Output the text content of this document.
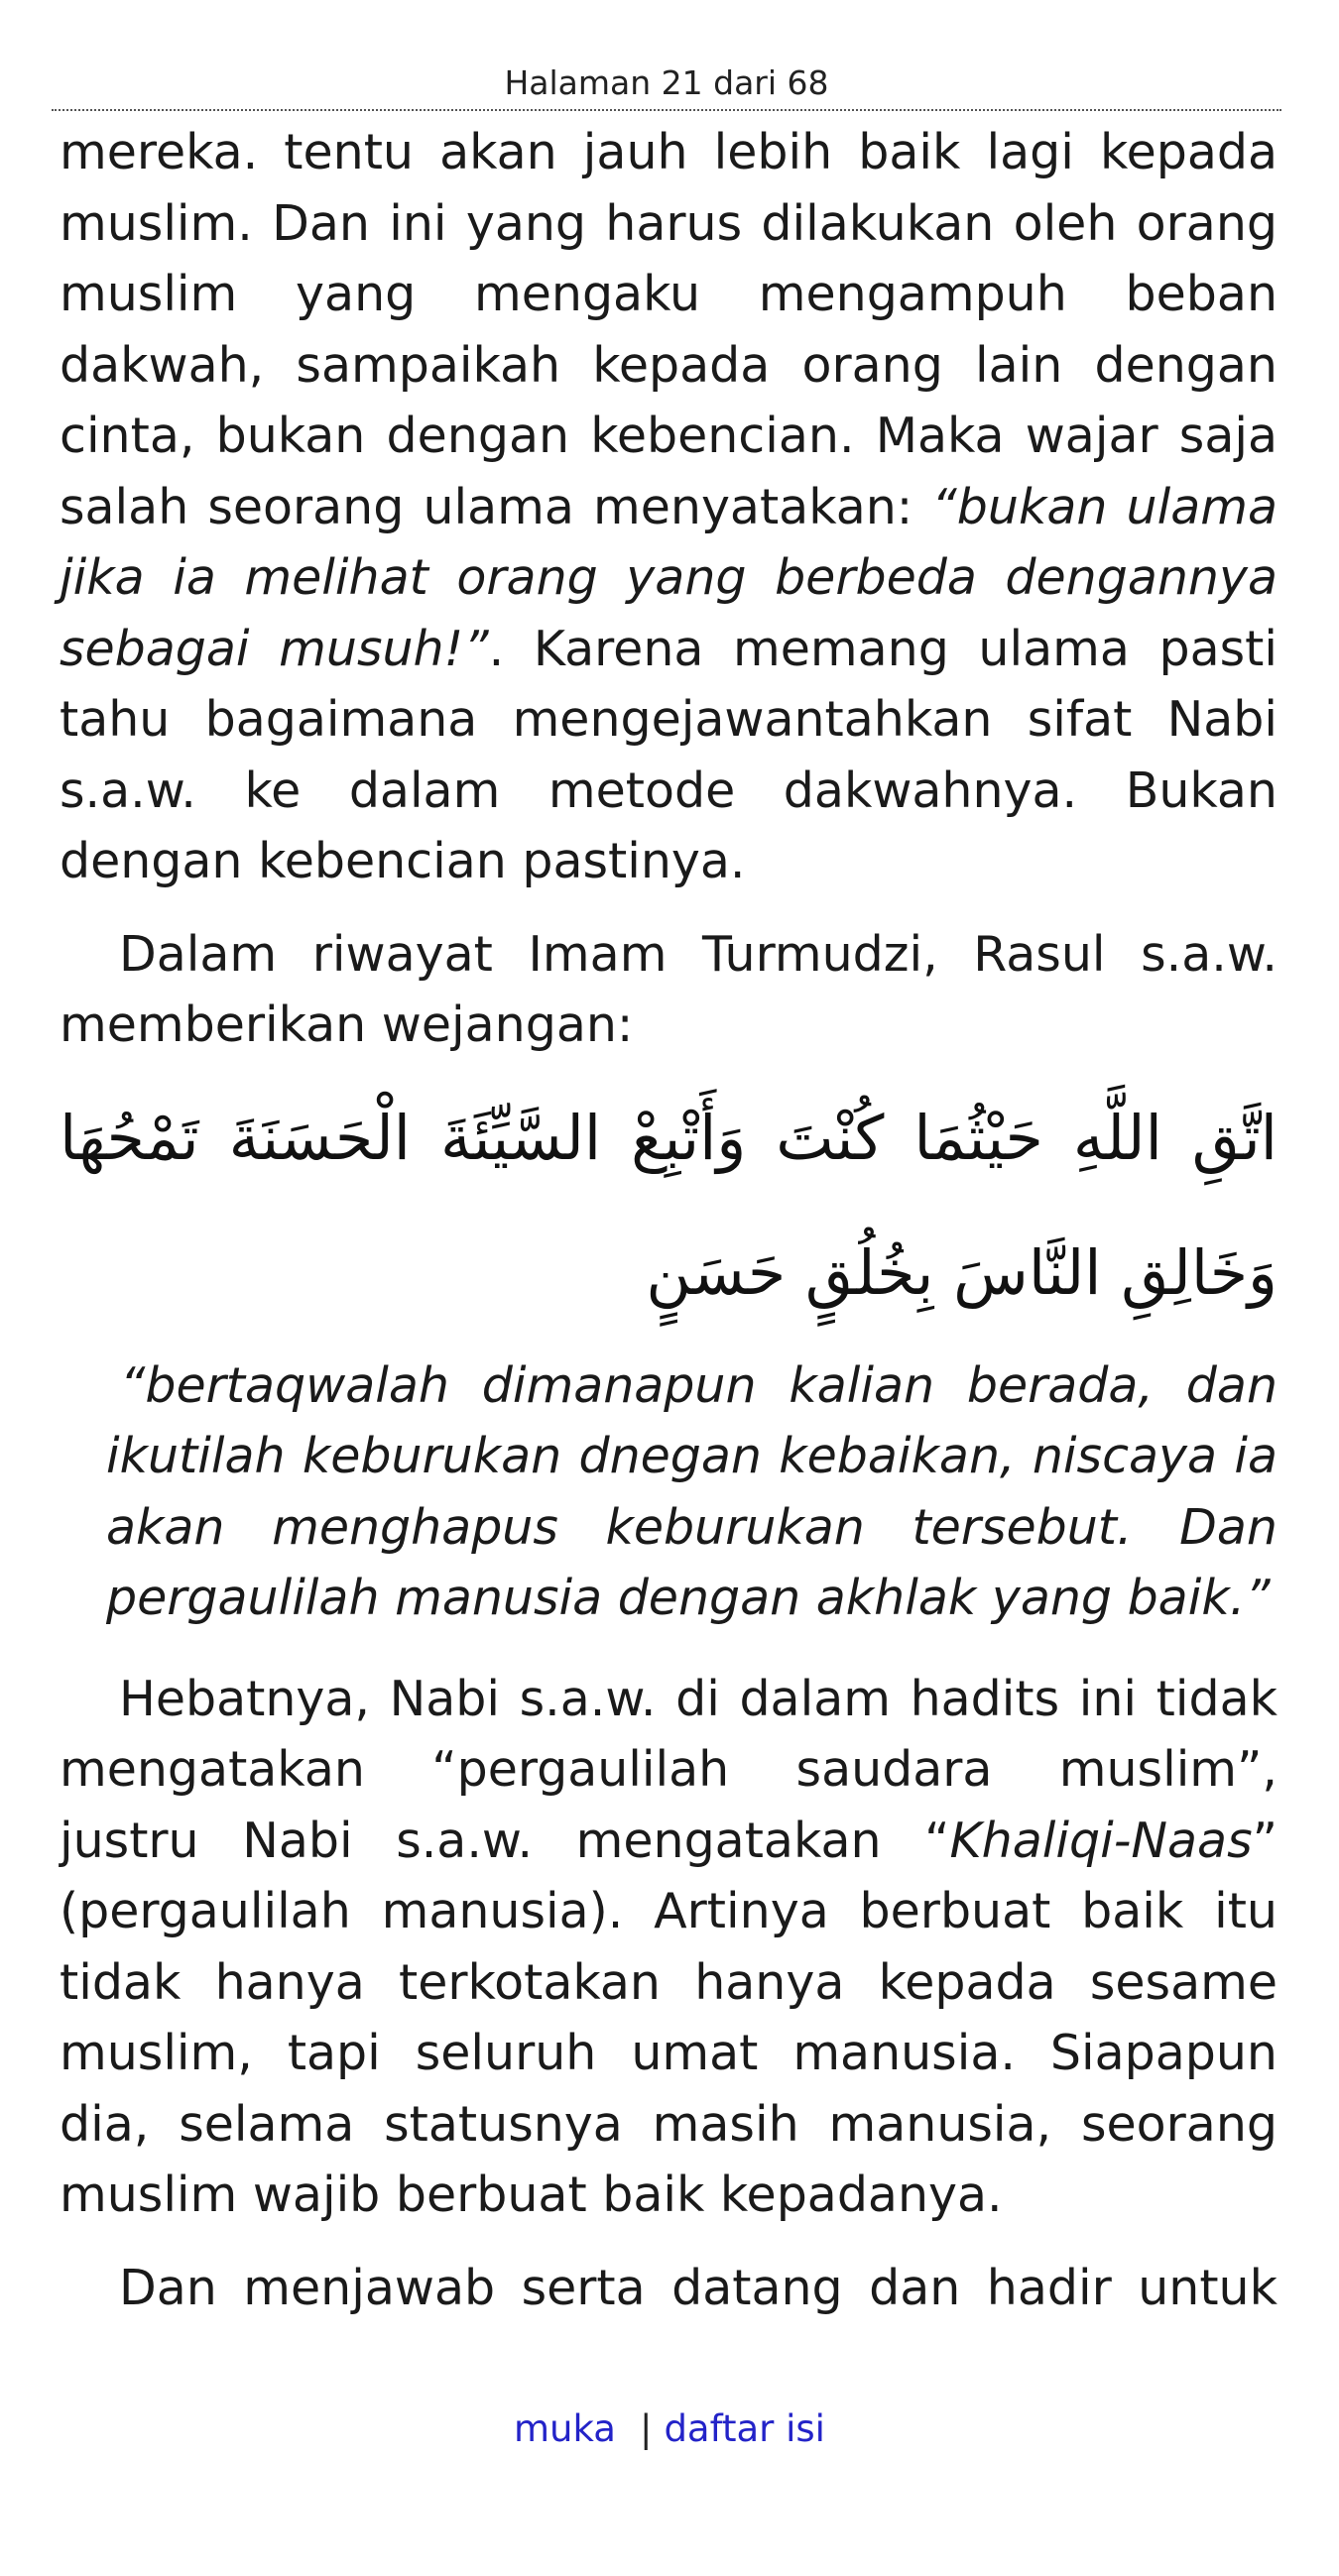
Halaman 21 dari 68

mereka. tentu akan jauh lebih baik lagi kepada muslim. Dan ini yang harus dilakukan oleh orang muslim yang mengaku mengampuh beban dakwah, sampaikah kepada orang lain dengan cinta, bukan dengan kebencian. Maka wajar saja salah seorang ulama menyatakan: “bukan ulama jika ia melihat orang yang berbeda dengannya sebagai musuh!”. Karena memang ulama pasti tahu bagaimana mengejawantahkan sifat Nabi s.a.w. ke dalam metode dakwahnya. Bukan dengan kebencian pastinya.

Dalam riwayat Imam Turmudzi, Rasul s.a.w. memberikan wejangan:

اتَّقِ اللَّهِ حَيْثُمَا كُنْتَ وَأَتْبِعْ السَّيِّئَةَ الْحَسَنَةَ تَمْحُهَا وَخَالِقِ النَّاسَ بِخُلُقٍ حَسَنٍ

“bertaqwalah dimanapun kalian berada, dan ikutilah keburukan dnegan kebaikan, niscaya ia akan menghapus keburukan tersebut. Dan pergaulilah manusia dengan akhlak yang baik.”

Hebatnya, Nabi s.a.w. di dalam hadits ini tidak mengatakan “pergaulilah saudara muslim”, justru Nabi s.a.w. mengatakan “Khaliqi-Naas” (pergaulilah manusia). Artinya berbuat baik itu tidak hanya terkotakan hanya kepada sesame muslim, tapi seluruh umat manusia. Siapapun dia, selama statusnya masih manusia, seorang muslim wajib berbuat baik kepadanya.

Dan menjawab serta datang dan hadir untuk

muka | daftar isi
